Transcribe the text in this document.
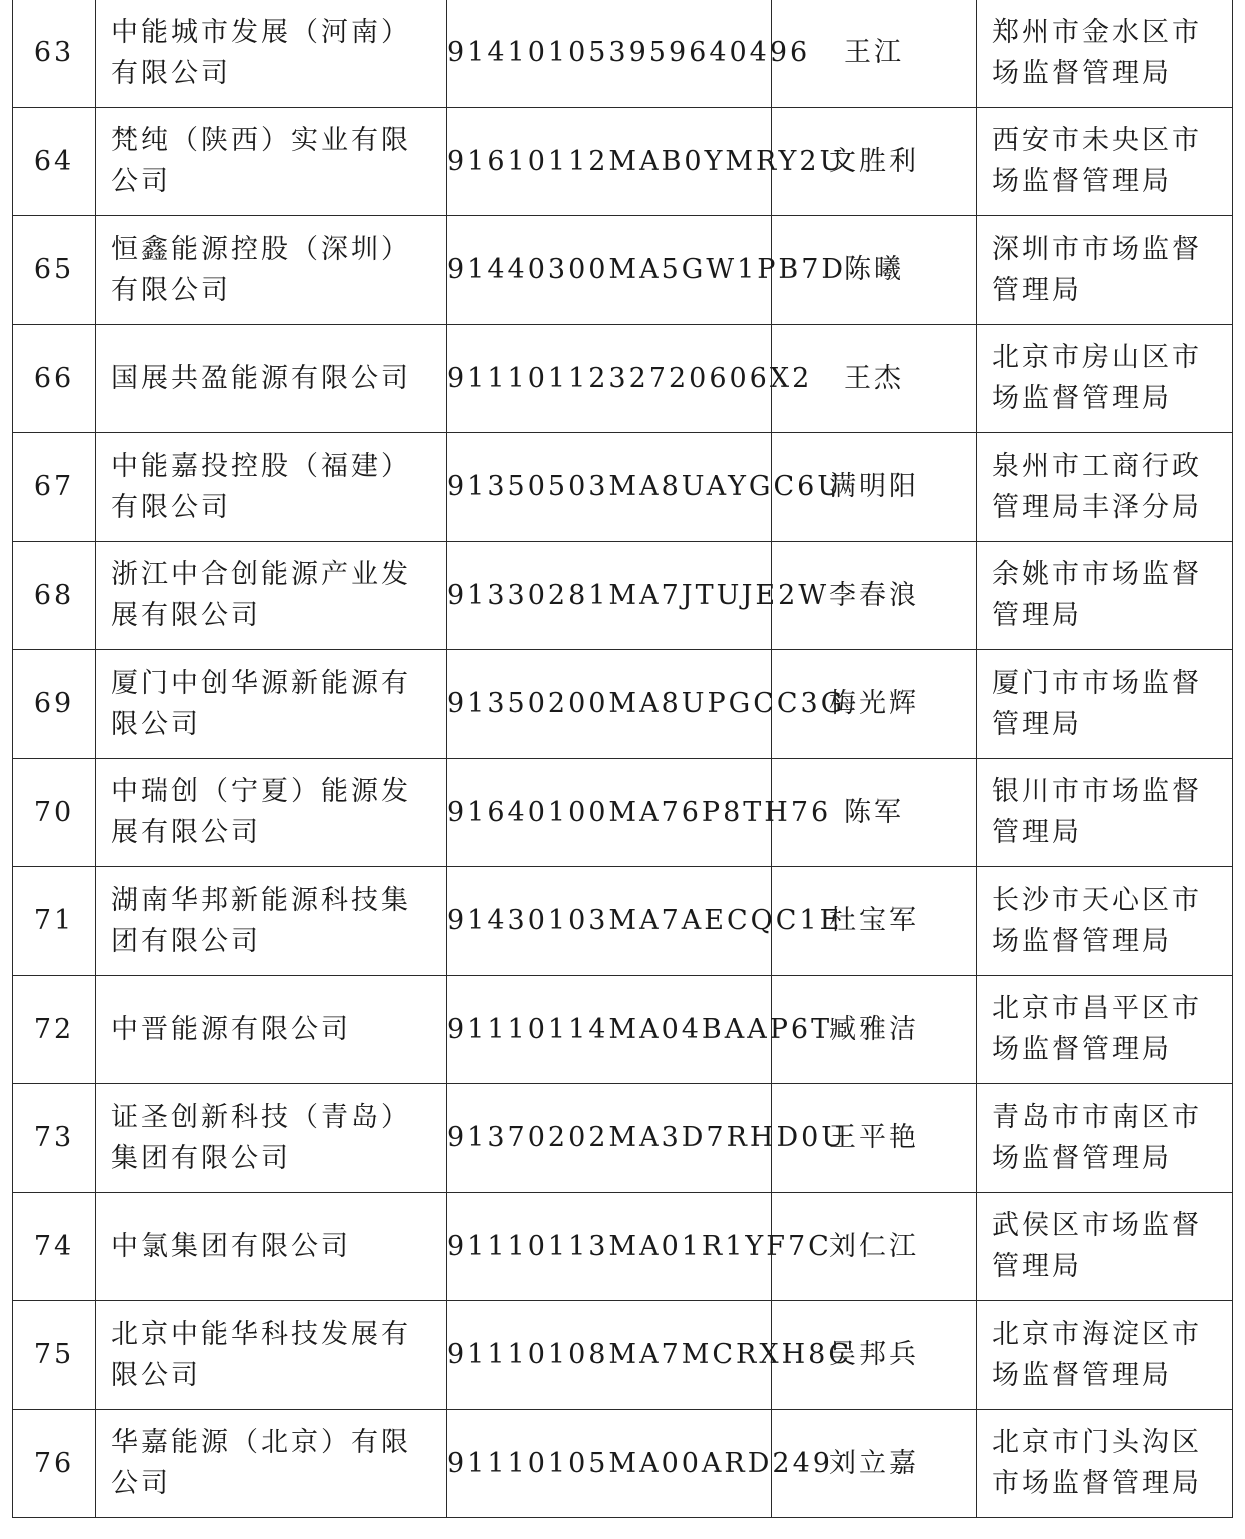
63	中能城市发展（河南）有限公司	914101053959640496	王江	郑州市金水区市场监督管理局
64	梵纯（陕西）实业有限公司	91610112MAB0YMRY2U	文胜利	西安市未央区市场监督管理局
65	恒鑫能源控股（深圳）有限公司	91440300MA5GW1PB7D	陈曦	深圳市市场监督管理局
66	国展共盈能源有限公司	9111011232720606X2	王杰	北京市房山区市场监督管理局
67	中能嘉投控股（福建）有限公司	91350503MA8UAYGC6U	满明阳	泉州市工商行政管理局丰泽分局
68	浙江中合创能源产业发展有限公司	91330281MA7JTUJE2W	李春浪	余姚市市场监督管理局
69	厦门中创华源新能源有限公司	91350200MA8UPGCC3G	梅光辉	厦门市市场监督管理局
70	中瑞创（宁夏）能源发展有限公司	91640100MA76P8TH76	陈军	银川市市场监督管理局
71	湖南华邦新能源科技集团有限公司	91430103MA7AECQC1E	杜宝军	长沙市天心区市场监督管理局
72	中晋能源有限公司	91110114MA04BAAP6T	臧雅洁	北京市昌平区市场监督管理局
73	证圣创新科技（青岛）集团有限公司	91370202MA3D7RHD0U	王平艳	青岛市市南区市场监督管理局
74	中氯集团有限公司	91110113MA01R1YF7C	刘仁江	武侯区市场监督管理局
75	北京中能华科技发展有限公司	91110108MA7MCRXH8C	吴邦兵	北京市海淀区市场监督管理局
76	华嘉能源（北京）有限公司	91110105MA00ARD249	刘立嘉	北京市门头沟区市场监督管理局
